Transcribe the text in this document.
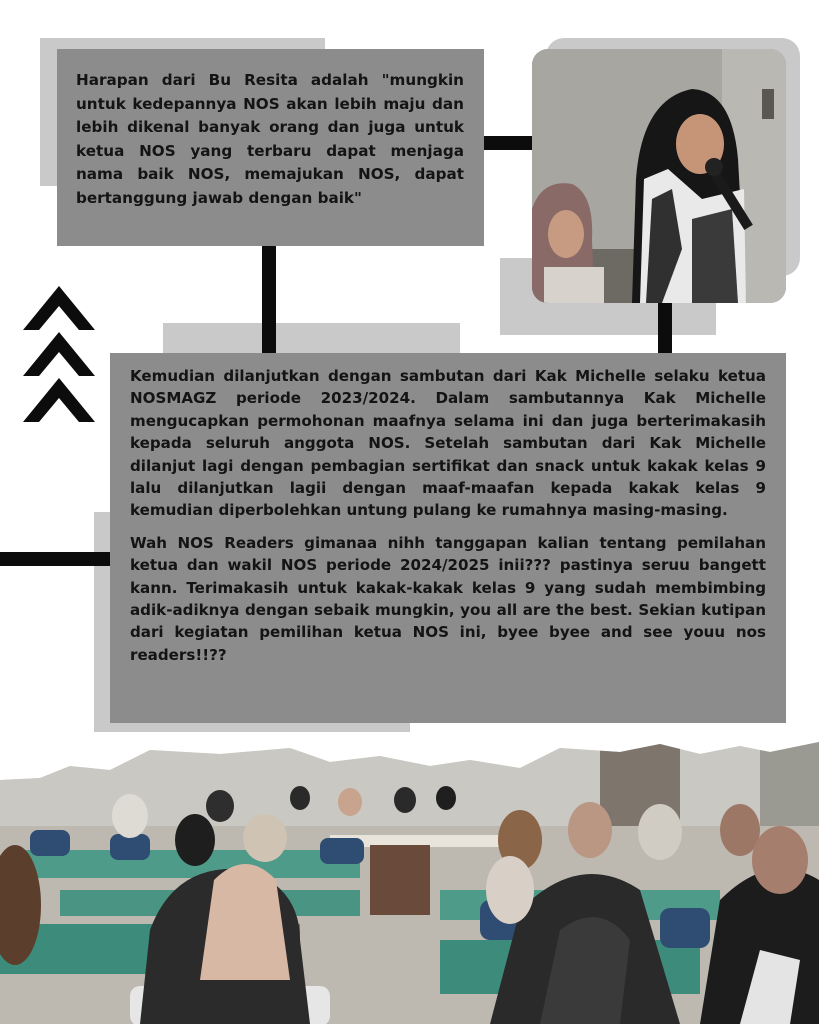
Harapan dari Bu Resita adalah "mungkin untuk kedepannya NOS akan lebih maju dan lebih dikenal banyak orang dan juga untuk ketua NOS yang terbaru dapat menjaga nama baik NOS, memajukan NOS, dapat bertanggung jawab dengan baik"

Kemudian dilanjutkan dengan sambutan dari Kak Michelle selaku ketua NOSMAGZ periode 2023/2024. Dalam sambutannya Kak Michelle mengucapkan permohonan maafnya selama ini dan juga berterimakasih kepada seluruh anggota NOS. Setelah sambutan dari Kak Michelle dilanjut lagi dengan pembagian sertifikat dan snack untuk kakak kelas 9 lalu dilanjutkan lagii dengan maaf-maafan kepada kakak kelas 9 kemudian diperbolehkan untung pulang ke rumahnya masing-masing.

Wah NOS Readers gimanaa nihh tanggapan kalian tentang pemilahan ketua dan wakil NOS periode 2024/2025 inii??? pastinya seruu bangett kann. Terimakasih untuk kakak-kakak kelas 9 yang sudah membimbing adik-adiknya dengan sebaik mungkin, you all are the best. Sekian kutipan dari kegiatan pemilihan ketua NOS ini, byee byee and see youu nos readers!!??
